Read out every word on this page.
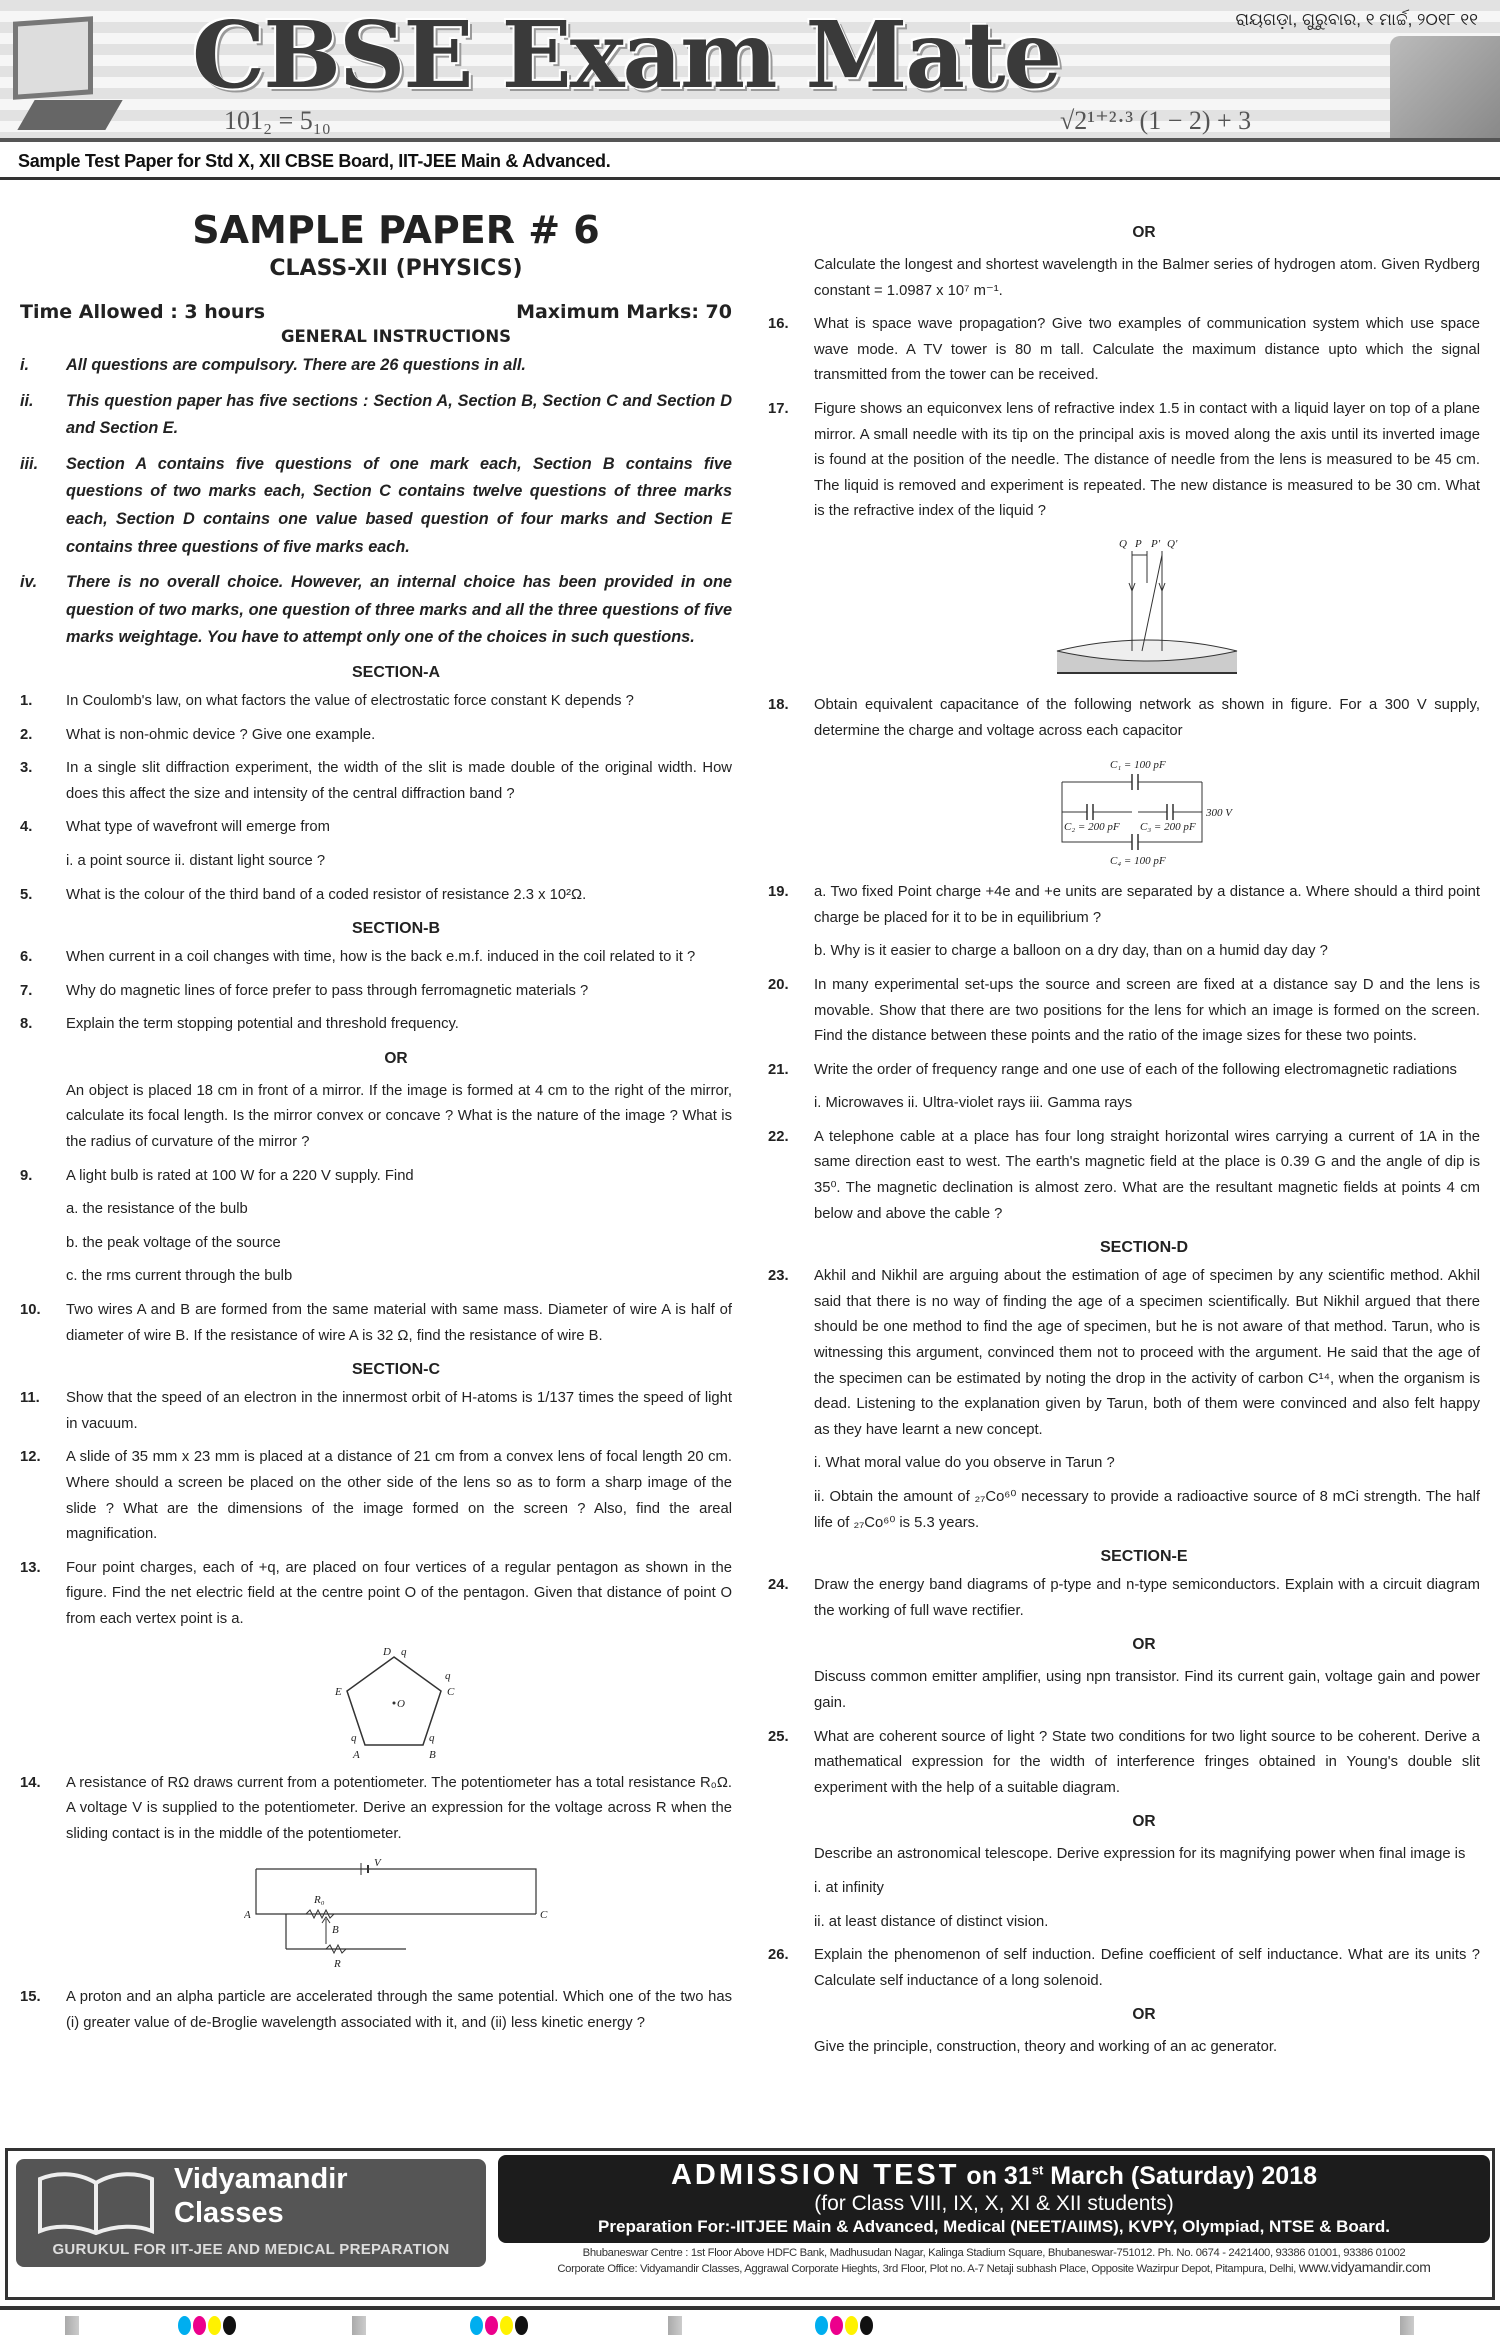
CBSE Exam Mate
101₂ = 5₁₀	√2¹⁺²·³ (1 − 2) + 3
ରାୟଗଡ଼ା, ଗୁରୁବାର, ୧ ମାର୍ଚ୍ଚ, ୨୦୧୮ ୧୧
Sample Test Paper for Std X, XII CBSE Board, IIT-JEE Main & Advanced.
SAMPLE PAPER # 6
CLASS-XII (PHYSICS)
Time Allowed : 3 hours	Maximum Marks: 70
GENERAL INSTRUCTIONS
i.	All questions are compulsory. There are 26 questions in all.
ii.	This question paper has five sections : Section A, Section B, Section C and Section D and Section E.
iii.	Section A contains five questions of one mark each, Section B contains five questions of two marks each, Section C contains twelve questions of three marks each, Section D contains one value based question of four marks and Section E contains three questions of five marks each.
iv.	There is no overall choice. However, an internal choice has been provided in one question of two marks, one question of three marks and all the three questions of five marks weightage. You have to attempt only one of the choices in such questions.
SECTION-A
1.	In Coulomb's law, on what factors the value of electrostatic force constant K depends ?
2.	What is non-ohmic device ? Give one example.
3.	In a single slit diffraction experiment, the width of the slit is made double of the original width. How does this affect the size and intensity of the central diffraction band ?
4.	What type of wavefront will emerge from
i. a point source ii. distant light source ?
5.	What is the colour of the third band of a coded resistor of resistance 2.3 x 10²Ω.
SECTION-B
6.	When current in a coil changes with time, how is the back e.m.f. induced in the coil related to it ?
7.	Why do magnetic lines of force prefer to pass through ferromagnetic materials ?
8.	Explain the term stopping potential and threshold frequency.
OR
An object is placed 18 cm in front of a mirror. If the image is formed at 4 cm to the right of the mirror, calculate its focal length. Is the mirror convex or concave ? What is the nature of the image ? What is the radius of curvature of the mirror ?
9.	A light bulb is rated at 100 W for a 220 V supply. Find
a. the resistance of the bulb
b. the peak voltage of the source
c. the rms current through the bulb
10.	Two wires A and B are formed from the same material with same mass. Diameter of wire A is half of diameter of wire B. If the resistance of wire A is 32 Ω, find the resistance of wire B.
SECTION-C
11.	Show that the speed of an electron in the innermost orbit of H-atoms is 1/137 times the speed of light in vacuum.
12.	A slide of 35 mm x 23 mm is placed at a distance of 21 cm from a convex lens of focal length 20 cm. Where should a screen be placed on the other side of the lens so as to form a sharp image of the slide ? What are the dimensions of the image formed on the screen ? Also, find the areal magnification.
13.	Four point charges, each of +q, are placed on four vertices of a regular pentagon as shown in the figure. Find the net electric field at the centre point O of the pentagon. Given that distance of point O from each vertex point is a.
D q
C
q
B
q
A
q
E
O
14.	A resistance of RΩ draws current from a potentiometer. The potentiometer has a total resistance R₀Ω. A voltage V is supplied to the potentiometer. Derive an expression for the voltage across R when the sliding contact is in the middle of the potentiometer.
V
R₀
A	C
B
R
15.	A proton and an alpha particle are accelerated through the same potential. Which one of the two has (i) greater value of de-Broglie wavelength associated with it, and (ii) less kinetic energy ?
OR
Calculate the longest and shortest wavelength in the Balmer series of hydrogen atom. Given Rydberg constant = 1.0987 x 10⁷ m⁻¹.
16.	What is space wave propagation? Give two examples of communication system which use space wave mode. A TV tower is 80 m tall. Calculate the maximum distance upto which the signal transmitted from the tower can be received.
17.	Figure shows an equiconvex lens of refractive index 1.5 in contact with a liquid layer on top of a plane mirror. A small needle with its tip on the principal axis is moved along the axis until its inverted image is found at the position of the needle. The distance of needle from the lens is measured to be 45 cm. The liquid is removed and experiment is repeated. The new distance is measured to be 30 cm. What is the refractive index of the liquid ?
Q P P' Q'
18.	Obtain equivalent capacitance of the following network as shown in figure. For a 300 V supply, determine the charge and voltage across each capacitor
C₁ = 100 pF
C₂ = 200 pF C₃ = 200 pF
300 V
C₄ = 100 pF
19.	a. Two fixed Point charge +4e and +e units are separated by a distance a. Where should a third point charge be placed for it to be in equilibrium ?
b. Why is it easier to charge a balloon on a dry day, than on a humid day day ?
20.	In many experimental set-ups the source and screen are fixed at a distance say D and the lens is movable. Show that there are two positions for the lens for which an image is formed on the screen. Find the distance between these points and the ratio of the image sizes for these two points.
21.	Write the order of frequency range and one use of each of the following electromagnetic radiations
i. Microwaves ii. Ultra-violet rays iii. Gamma rays
22.	A telephone cable at a place has four long straight horizontal wires carrying a current of 1A in the same direction east to west. The earth's magnetic field at the place is 0.39 G and the angle of dip is 35⁰. The magnetic declination is almost zero. What are the resultant magnetic fields at points 4 cm below and above the cable ?
SECTION-D
23.	Akhil and Nikhil are arguing about the estimation of age of specimen by any scientific method. Akhil said that there is no way of finding the age of a specimen scientifically. But Nikhil argued that there should be one method to find the age of specimen, but he is not aware of that method. Tarun, who is witnessing this argument, convinced them not to proceed with the argument. He said that the age of the specimen can be estimated by noting the drop in the activity of carbon C¹⁴, when the organism is dead. Listening to the explanation given by Tarun, both of them were convinced and also felt happy as they have learnt a new concept.
i. What moral value do you observe in Tarun ?
ii. Obtain the amount of ₂₇Co⁶⁰ necessary to provide a radioactive source of 8 mCi strength. The half life of ₂₇Co⁶⁰ is 5.3 years.
SECTION-E
24.	Draw the energy band diagrams of p-type and n-type semiconductors. Explain with a circuit diagram the working of full wave rectifier.
OR
Discuss common emitter amplifier, using npn transistor. Find its current gain, voltage gain and power gain.
25.	What are coherent source of light ? State two conditions for two light source to be coherent. Derive a mathematical expression for the width of interference fringes obtained in Young's double slit experiment with the help of a suitable diagram.
OR
Describe an astronomical telescope. Derive expression for its magnifying power when final image is
i. at infinity
ii. at least distance of distinct vision.
26.	Explain the phenomenon of self induction. Define coefficient of self inductance. What are its units ? Calculate self inductance of a long solenoid.
OR
Give the principle, construction, theory and working of an ac generator.
Vidyamandir
Classes
GURUKUL FOR IIT-JEE AND MEDICAL PREPARATION
ADMISSION TEST on 31st March (Saturday) 2018
(for Class VIII, IX, X, XI & XII students)
Preparation For:-IITJEE Main & Advanced, Medical (NEET/AIIMS), KVPY, Olympiad, NTSE & Board.
Bhubaneswar Centre : 1st Floor Above HDFC Bank, Madhusudan Nagar, Kalinga Stadium Square, Bhubaneswar-751012. Ph. No. 0674 - 2421400, 93386 01001, 93386 01002
Corporate Office: Vidyamandir Classes, Aggrawal Corporate Hieghts, 3rd Floor, Plot no. A-7 Netaji subhash Place, Opposite Wazirpur Depot, Pitampura, Delhi, www.vidyamandir.com
